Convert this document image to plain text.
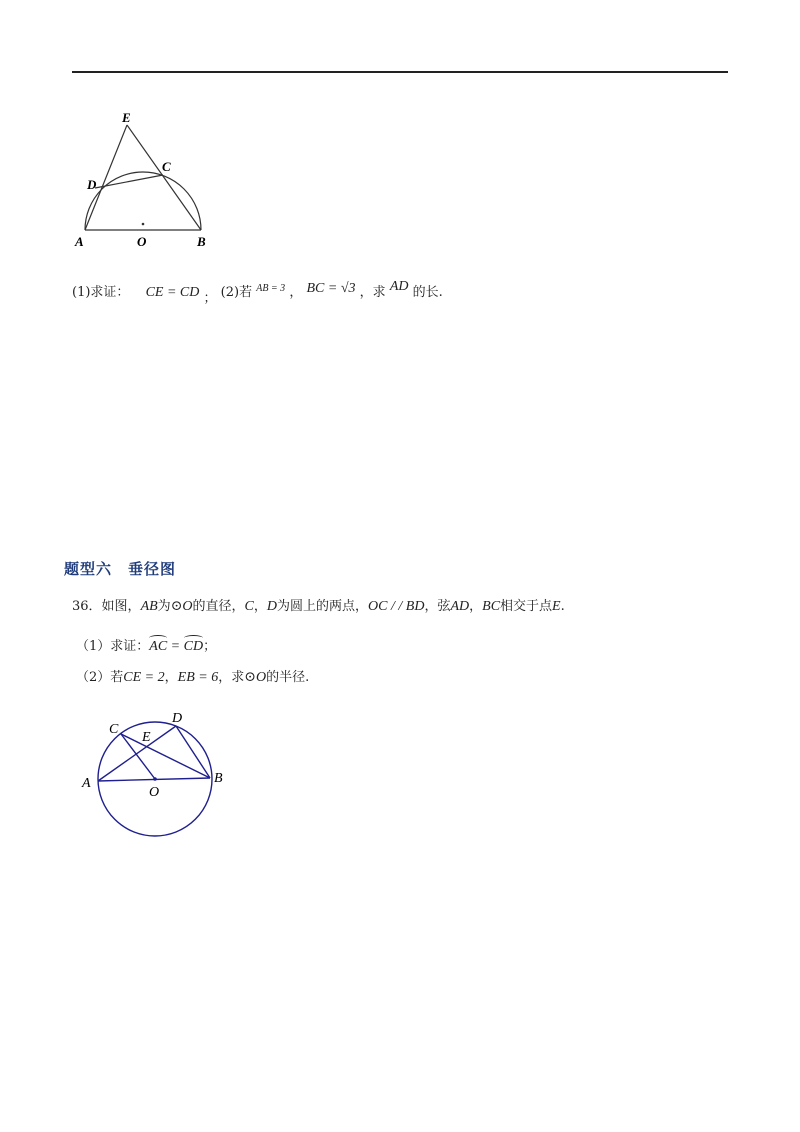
E
C
D
A	O	B
(1)求证： CE = CD ； (2)若 $^{AB = 3}$ ， BC = √3 ，求 AD 的长.
题型六　垂径图
36．如图，AB为⊙O的直径，C，D为圆上的两点，OC / / BD，弦AD，BC相交于点E.
（1）求证：AC = CD；
（2）若CE = 2，EB = 6，求⊙O的半径.
C
D
E
A
O
B
